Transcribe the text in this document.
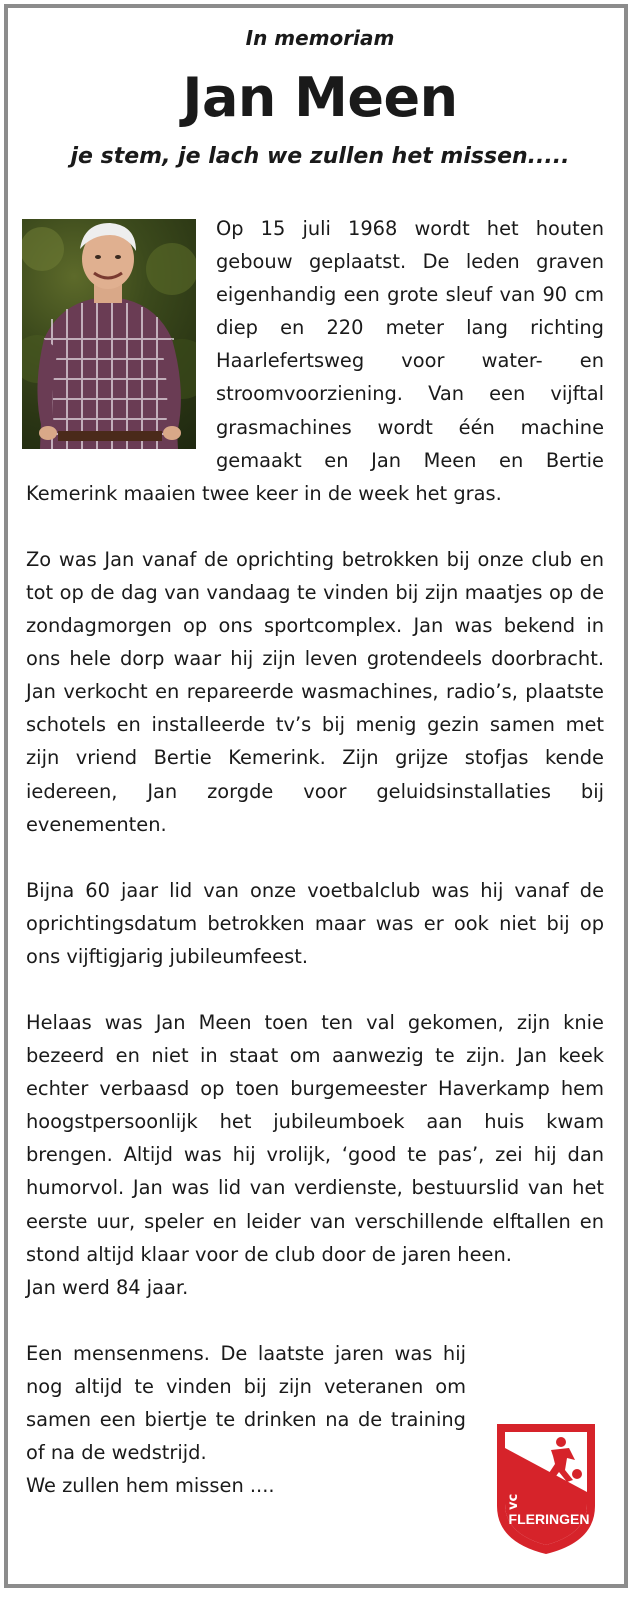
In memoriam
Jan Meen
je stem, je lach we zullen het missen.....

Op 15 juli 1968 wordt het houten gebouw geplaatst. De leden graven eigenhandig een grote sleuf van 90 cm diep en 220 meter lang richting Haarlefertsweg voor water- en stroomvoorziening. Van een vijftal grasmachines wordt één machine gemaakt en Jan Meen en Bertie Kemerink maaien twee keer in de week het gras.

Zo was Jan vanaf de oprichting betrokken bij onze club en tot op de dag van vandaag te vinden bij zijn maatjes op de zondagmorgen op ons sportcomplex. Jan was bekend in ons hele dorp waar hij zijn leven grotendeels doorbracht. Jan verkocht en repareerde wasmachines, radio’s, plaatste schotels en installeerde tv’s bij menig gezin samen met zijn vriend Bertie Kemerink. Zijn grijze stofjas kende iedereen, Jan zorgde voor geluidsinstallaties bij evenementen.

Bijna 60 jaar lid van onze voetbalclub was hij vanaf de oprichtingsdatum betrokken maar was er ook niet bij op ons vijftigjarig jubileumfeest.

Helaas was Jan Meen toen ten val gekomen, zijn knie bezeerd en niet in staat om aanwezig te zijn. Jan keek echter verbaasd op toen burgemeester Haverkamp hem hoogstpersoonlijk het jubileumboek aan huis kwam brengen. Altijd was hij vrolijk, ‘good te pas’, zei hij dan humorvol. Jan was lid van verdienste, bestuurslid van het eerste uur, speler en leider van verschillende elftallen en stond altijd klaar voor de club door de jaren heen.

Jan werd 84 jaar.

Een mensenmens. De laatste jaren was hij nog altijd te vinden bij zijn veteranen om samen een biertje te drinken na de training of na de wedstrijd.

We zullen hem missen ....

vc
FLERINGEN
